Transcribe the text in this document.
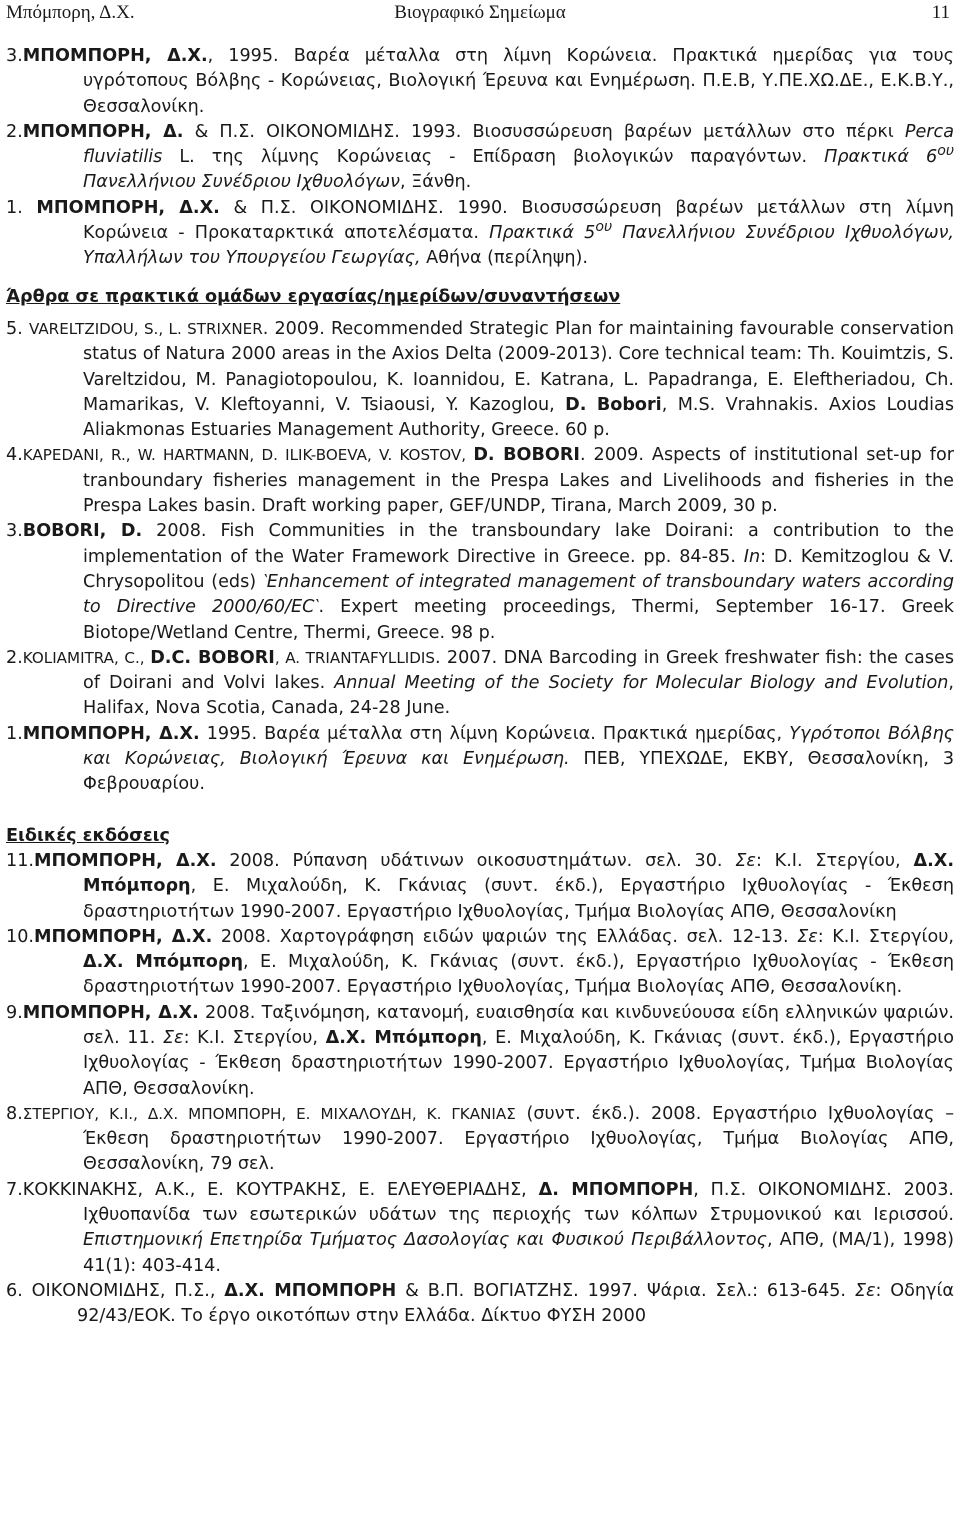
Μπόμπορη, Δ.Χ.	Βιογραφικό Σημείωμα	11

3.ΜΠΟΜΠΟΡΗ, Δ.Χ., 1995. Βαρέα μέταλλα στη λίμνη Κορώνεια. Πρακτικά ημερίδας για τους υγρότοπους Βόλβης - Κορώνειας, Βιολογική Έρευνα και Ενημέρωση. Π.Ε.Β, Υ.ΠΕ.ΧΩ.ΔΕ., Ε.Κ.Β.Υ., Θεσσαλονίκη.

2.ΜΠΟΜΠΟΡΗ, Δ. & Π.Σ. ΟΙΚΟΝΟΜΙΔΗΣ. 1993. Βιοσυσσώρευση βαρέων μετάλλων στο πέρκι Perca fluviatilis L. της λίμνης Κορώνειας - Επίδραση βιολογικών παραγόντων. Πρακτικά $6^{o\upsilon}$ Πανελλήνιου Συνέδριου Ιχθυολόγων, Ξάνθη.

1. ΜΠΟΜΠΟΡΗ, Δ.Χ. & Π.Σ. ΟΙΚΟΝΟΜΙΔΗΣ. 1990. Βιοσυσσώρευση βαρέων μετάλλων στη λίμνη Κορώνεια - Προκαταρκτικά αποτελέσματα. Πρακτικά $5^{o\upsilon}$ Πανελλήνιου Συνέδριου Ιχθυολόγων, Υπαλλήλων του Υπουργείου Γεωργίας, Αθήνα (περίληψη).

Άρθρα σε πρακτικά ομάδων εργασίας/ημερίδων/συναντήσεων

5. VARELTZIDOU, S., L. STRIXNER. 2009. Recommended Strategic Plan for maintaining favourable conservation status of Natura 2000 areas in the Axios Delta (2009-2013). Core technical team: Th. Kouimtzis, S. Vareltzidou, M. Panagiotopoulou, K. Ioannidou, E. Katrana, L. Papadranga, E. Eleftheriadou, Ch. Mamarikas, V. Kleftoyanni, V. Tsiaousi, Y. Kazoglou, D. Bobori, M.S. Vrahnakis. Axios Loudias Aliakmonas Estuaries Management Authority, Greece. 60 p.

4.KAPEDANI, R., W. HARTMANN, D. ILIK-BOEVA, V. KOSTOV, D. BOBORI. 2009. Aspects of institutional set-up for tranboundary fisheries management in the Prespa Lakes and Livelihoods and fisheries in the Prespa Lakes basin. Draft working paper, GEF/UNDP, Tirana, March 2009, 30 p.

3.BOBORI, D. 2008. Fish Communities in the transboundary lake Doirani: a contribution to the implementation of the Water Framework Directive in Greece. pp. 84-85. In: D. Kemitzoglou & V. Chrysopolitou (eds) ‵Enhancement of integrated management of transboundary waters according to Directive 2000/60/EC‵. Expert meeting proceedings, Thermi, September 16-17. Greek Biotope/Wetland Centre, Thermi, Greece. 98 p.

2.KOLIAMITRA, C., D.C. BOBORI, A. TRIANTAFYLLIDIS. 2007. DNA Barcoding in Greek freshwater fish: the cases of Doirani and Volvi lakes. Annual Meeting of the Society for Molecular Biology and Evolution, Halifax, Nova Scotia, Canada, 24-28 June.

1.ΜΠΟΜΠΟΡΗ, Δ.Χ. 1995. Βαρέα μέταλλα στη λίμνη Κορώνεια. Πρακτικά ημερίδας, Υγρότοποι Βόλβης και Κορώνειας, Βιολογική Έρευνα και Ενημέρωση. ΠΕΒ, ΥΠΕΧΩΔΕ, ΕΚΒΥ, Θεσσαλονίκη, 3 Φεβρουαρίου.

Ειδικές εκδόσεις

11.ΜΠΟΜΠΟΡΗ, Δ.Χ. 2008. Ρύπανση υδάτινων οικοσυστημάτων. σελ. 30. Σε: Κ.Ι. Στεργίου, Δ.Χ. Μπόμπορη, Ε. Μιχαλούδη, Κ. Γκάνιας (συντ. έκδ.), Εργαστήριο Ιχθυολογίας - Έκθεση δραστηριοτήτων 1990-2007. Εργαστήριο Ιχθυολογίας, Τμήμα Βιολογίας ΑΠΘ, Θεσσαλονίκη

10.ΜΠΟΜΠΟΡΗ, Δ.Χ. 2008. Χαρτογράφηση ειδών ψαριών της Ελλάδας. σελ. 12-13. Σε: Κ.Ι. Στεργίου, Δ.Χ. Μπόμπορη, Ε. Μιχαλούδη, Κ. Γκάνιας (συντ. έκδ.), Εργαστήριο Ιχθυολογίας - Έκθεση δραστηριοτήτων 1990-2007. Εργαστήριο Ιχθυολογίας, Τμήμα Βιολογίας ΑΠΘ, Θεσσαλονίκη.

9.ΜΠΟΜΠΟΡΗ, Δ.Χ. 2008. Ταξινόμηση, κατανομή, ευαισθησία και κινδυνεύουσα είδη ελληνικών ψαριών. σελ. 11. Σε: Κ.Ι. Στεργίου, Δ.Χ. Μπόμπορη, Ε. Μιχαλούδη, Κ. Γκάνιας (συντ. έκδ.), Εργαστήριο Ιχθυολογίας - Έκθεση δραστηριοτήτων 1990-2007. Εργαστήριο Ιχθυολογίας, Τμήμα Βιολογίας ΑΠΘ, Θεσσαλονίκη.

8.ΣΤΕΡΓΙΟΥ, Κ.Ι., Δ.Χ. ΜΠΟΜΠΟΡΗ, Ε. ΜΙΧΑΛΟΥΔΗ, Κ. ΓΚΑΝΙΑΣ (συντ. έκδ.). 2008. Εργαστήριο Ιχθυολογίας – Έκθεση δραστηριοτήτων 1990-2007. Εργαστήριο Ιχθυολογίας, Τμήμα Βιολογίας ΑΠΘ, Θεσσαλονίκη, 79 σελ.

7.ΚΟΚΚΙΝΑΚΗΣ, Α.Κ., Ε. ΚΟΥΤΡΑΚΗΣ, Ε. ΕΛΕΥΘΕΡΙΑΔΗΣ, Δ. ΜΠΟΜΠΟΡΗ, Π.Σ. ΟΙΚΟΝΟΜΙΔΗΣ. 2003. Ιχθυοπανίδα των εσωτερικών υδάτων της περιοχής των κόλπων Στρυμονικού και Ιερισσού. Επιστημονική Επετηρίδα Τμήματος Δασολογίας και Φυσικού Περιβάλλοντος, ΑΠΘ, (ΜΑ/1), 1998) 41(1): 403-414.

6. ΟΙΚΟΝΟΜΙΔΗΣ, Π.Σ., Δ.Χ. ΜΠΟΜΠΟΡΗ & Β.Π. ΒΟΓΙΑΤΖΗΣ. 1997. Ψάρια. Σελ.: 613-645. Σε: Οδηγία 92/43/ΕΟΚ. Το έργο οικοτόπων στην Ελλάδα. Δίκτυο ΦΥΣΗ 2000
